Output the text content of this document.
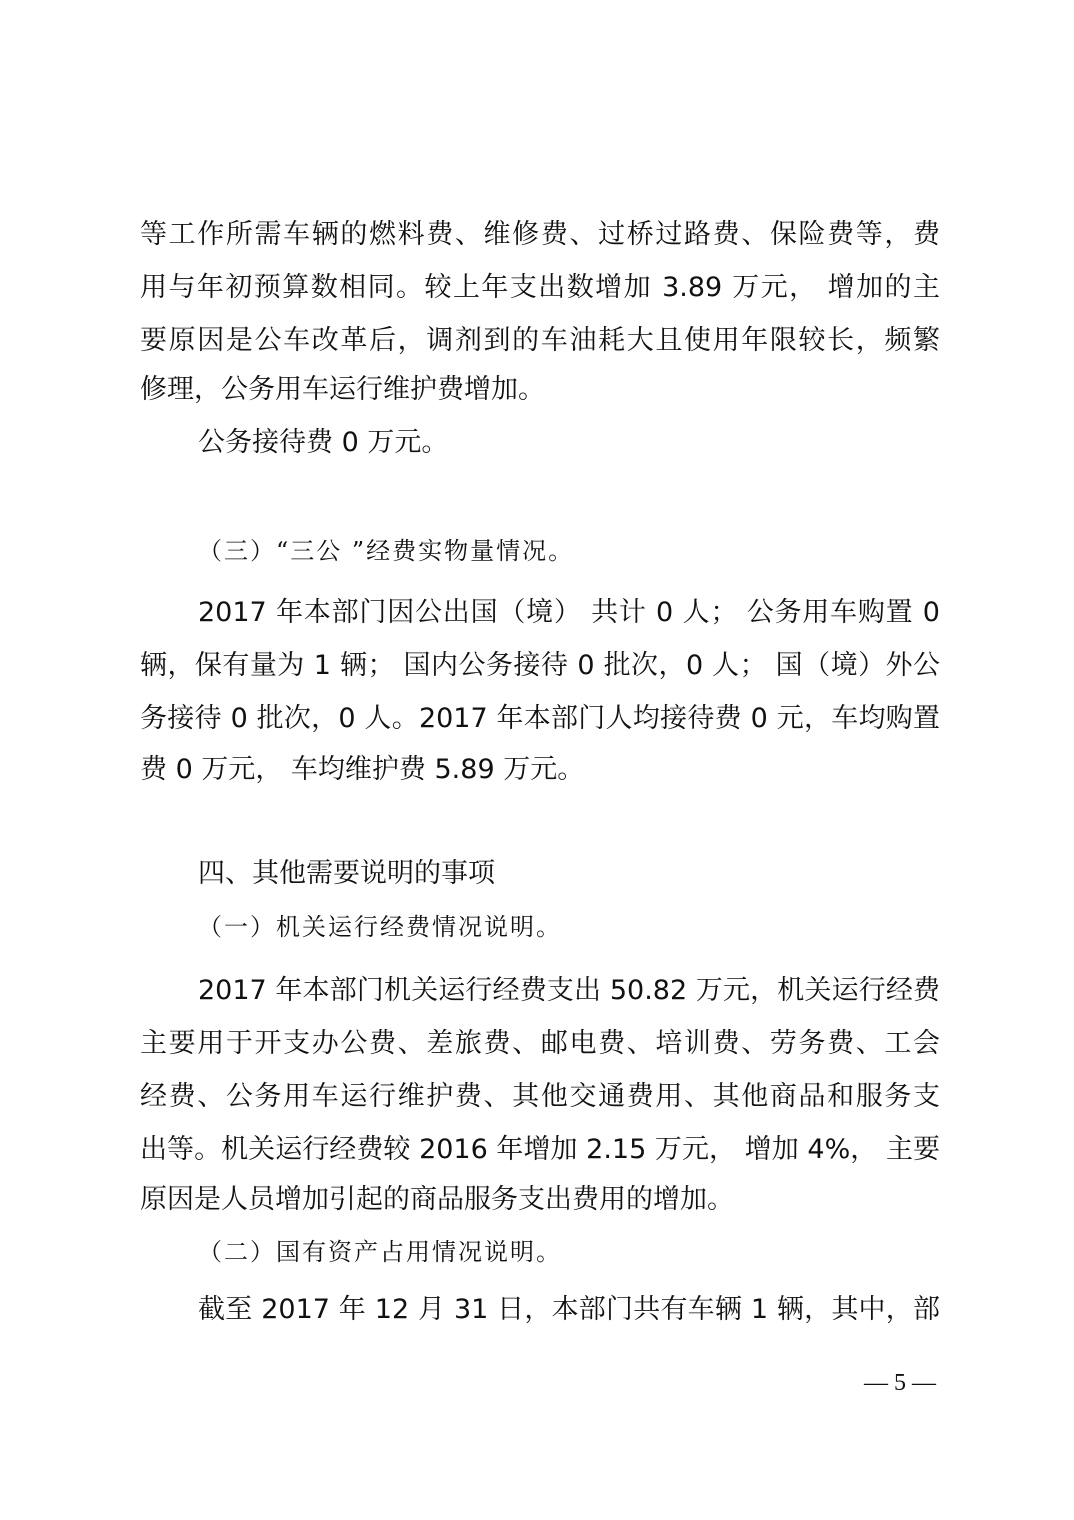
等工作所需车辆的燃料费、维修费、过桥过路费、保险费等，费
用与年初预算数相同。较上年支出数增加 3.89 万元， 增加的主
要原因是公车改革后，调剂到的车油耗大且使用年限较长，频繁
修理，公务用车运行维护费增加。
公务接待费 0 万元。
（三）“三公 ”经费实物量情况。
2017 年本部门因公出国（境） 共计 0 人； 公务用车购置 0
辆，保有量为 1 辆； 国内公务接待 0 批次，0 人； 国（境）外公
务接待 0 批次，0 人。2017 年本部门人均接待费 0 元，车均购置
费 0 万元， 车均维护费 5.89 万元。
四、其他需要说明的事项
（一）机关运行经费情况说明。
2017 年本部门机关运行经费支出 50.82 万元，机关运行经费
主要用于开支办公费、差旅费、邮电费、培训费、劳务费、工会
经费、公务用车运行维护费、其他交通费用、其他商品和服务支
出等。机关运行经费较 2016 年增加 2.15 万元， 增加 4%， 主要
原因是人员增加引起的商品服务支出费用的增加。
（二）国有资产占用情况说明。
截至 2017 年 12 月 31 日，本部门共有车辆 1 辆，其中，部
— 5 —
